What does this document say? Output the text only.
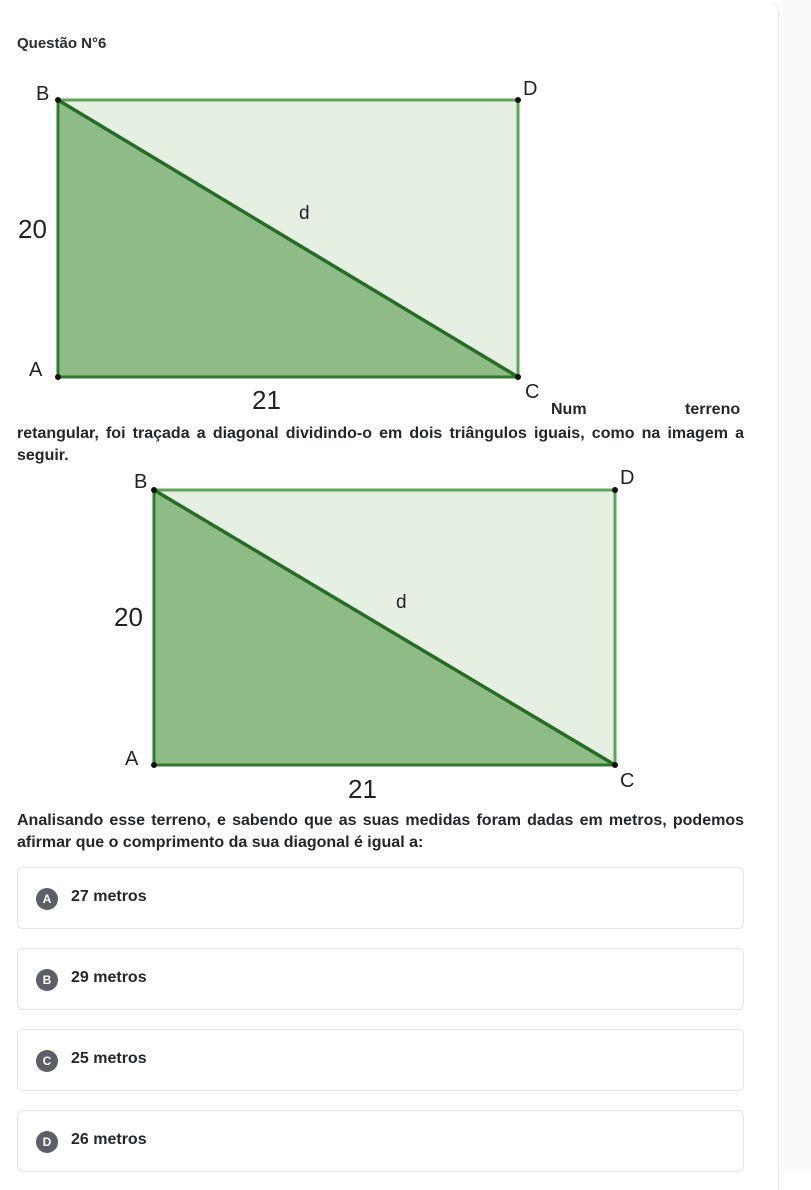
Questão N°6
B	D
A
C
20
21
d
Num	terreno
retangular, foi traçada a diagonal dividindo-o em dois triângulos iguais, como na imagem a seguir.
B	D
A
C
20
21
d
Analisando esse terreno, e sabendo que as suas medidas foram dadas em metros, podemos afirmar que o comprimento da sua diagonal é igual a:
A	27 metros
B	29 metros
C	25 metros
D	26 metros
